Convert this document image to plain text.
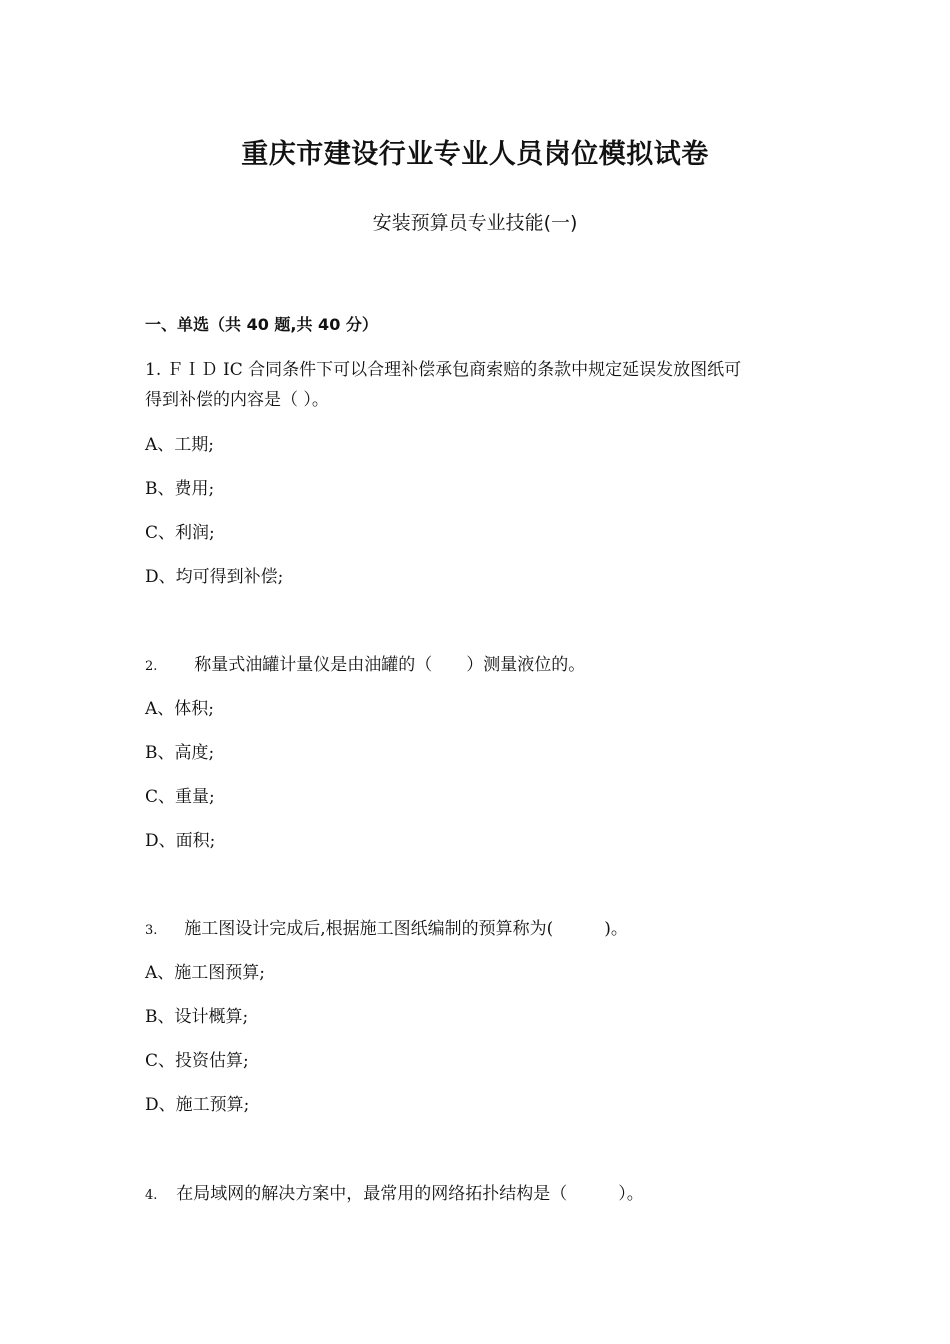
重庆市建设行业专业人员岗位模拟试卷
安装预算员专业技能(一)
一、单选（共 40 题,共 40 分）
1. ＦＩＤ IC 合同条件下可以合理补偿承包商索赔的条款中规定延误发放图纸可
得到补偿的内容是（ ）。
A、工期;
B、费用;
C、利润;
D、均可得到补偿;
2. 称量式油罐计量仪是由油罐的（　　）测量液位的。
A、体积;
B、高度;
C、重量;
D、面积;
3. 施工图设计完成后,根据施工图纸编制的预算称为(　　　)。
A、施工图预算;
B、设计概算;
C、投资估算;
D、施工预算;
4. 在局域网的解决方案中，最常用的网络拓扑结构是（　　　）。
